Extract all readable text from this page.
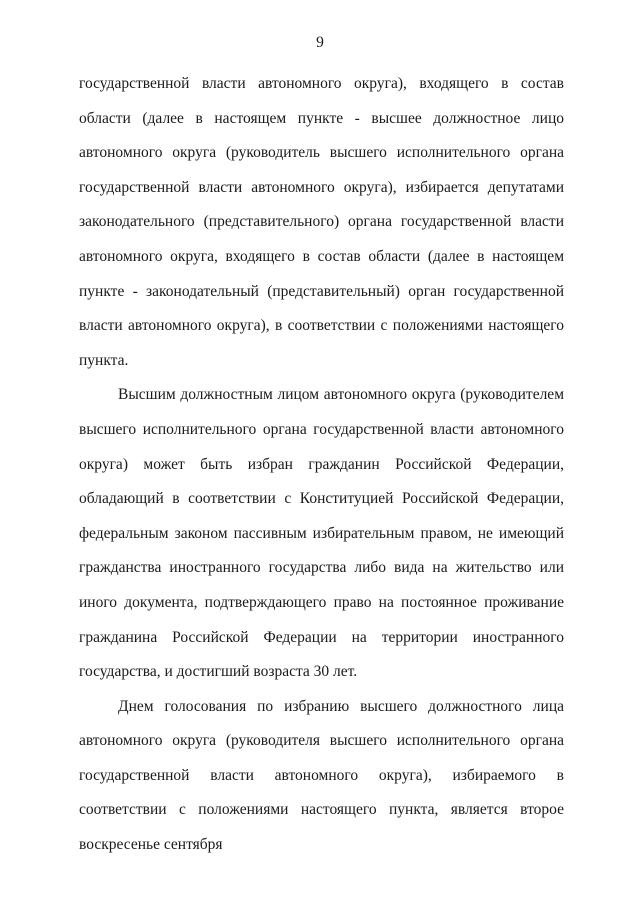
9

государственной власти автономного округа), входящего в состав области (далее в настоящем пункте - высшее должностное лицо автономного округа (руководитель высшего исполнительного органа государственной власти автономного округа), избирается депутатами законодательного (представительного) органа государственной власти автономного округа, входящего в состав области (далее в настоящем пункте - законодательный (представительный) орган государственной власти автономного округа), в соответствии с положениями настоящего пункта.

Высшим должностным лицом автономного округа (руководителем высшего исполнительного органа государственной власти автономного округа) может быть избран гражданин Российской Федерации, обладающий в соответствии с Конституцией Российской Федерации, федеральным законом пассивным избирательным правом, не имеющий гражданства иностранного государства либо вида на жительство или иного документа, подтверждающего право на постоянное проживание гражданина Российской Федерации на территории иностранного государства, и достигший возраста 30 лет.

Днем голосования по избранию высшего должностного лица автономного округа (руководителя высшего исполнительного органа государственной власти автономного округа), избираемого в соответствии с положениями настоящего пункта, является второе воскресенье сентября
